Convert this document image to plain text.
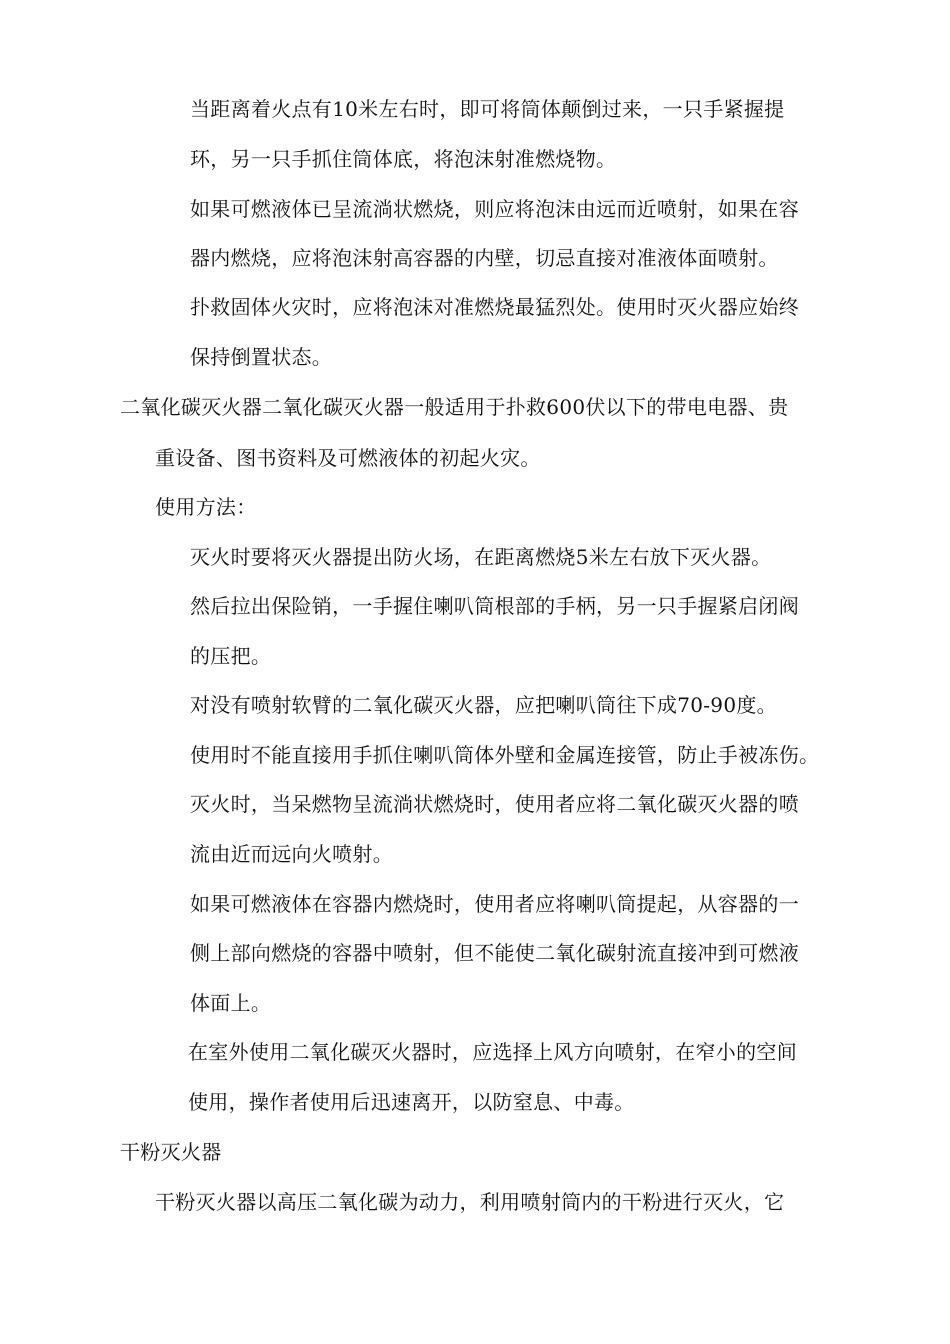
当距离着火点有10米左右时，即可将筒体颠倒过来，一只手紧握提
环，另一只手抓住筒体底，将泡沫射准燃烧物。
如果可燃液体已呈流淌状燃烧，则应将泡沫由远而近喷射，如果在容
器内燃烧，应将泡沫射高容器的内壁，切忌直接对准液体面喷射。
扑救固体火灾时，应将泡沫对准燃烧最猛烈处。使用时灭火器应始终
保持倒置状态。
二氧化碳灭火器二氧化碳灭火器一般适用于扑救600伏以下的带电电器、贵
重设备、图书资料及可燃液体的初起火灾。
使用方法：
灭火时要将灭火器提出防火场，在距离燃烧5米左右放下灭火器。
然后拉出保险销，一手握住喇叭筒根部的手柄，另一只手握紧启闭阀
的压把。
对没有喷射软臂的二氧化碳灭火器，应把喇叭筒往下成70-90度。
使用时不能直接用手抓住喇叭筒体外壁和金属连接管，防止手被冻伤。
灭火时，当呆燃物呈流淌状燃烧时，使用者应将二氧化碳灭火器的喷
流由近而远向火喷射。
如果可燃液体在容器内燃烧时，使用者应将喇叭筒提起，从容器的一
侧上部向燃烧的容器中喷射，但不能使二氧化碳射流直接冲到可燃液
体面上。
在室外使用二氧化碳灭火器时，应选择上风方向喷射，在窄小的空间
使用，操作者使用后迅速离开，以防窒息、中毒。
干粉灭火器
干粉灭火器以高压二氧化碳为动力，利用喷射筒内的干粉进行灭火，它
